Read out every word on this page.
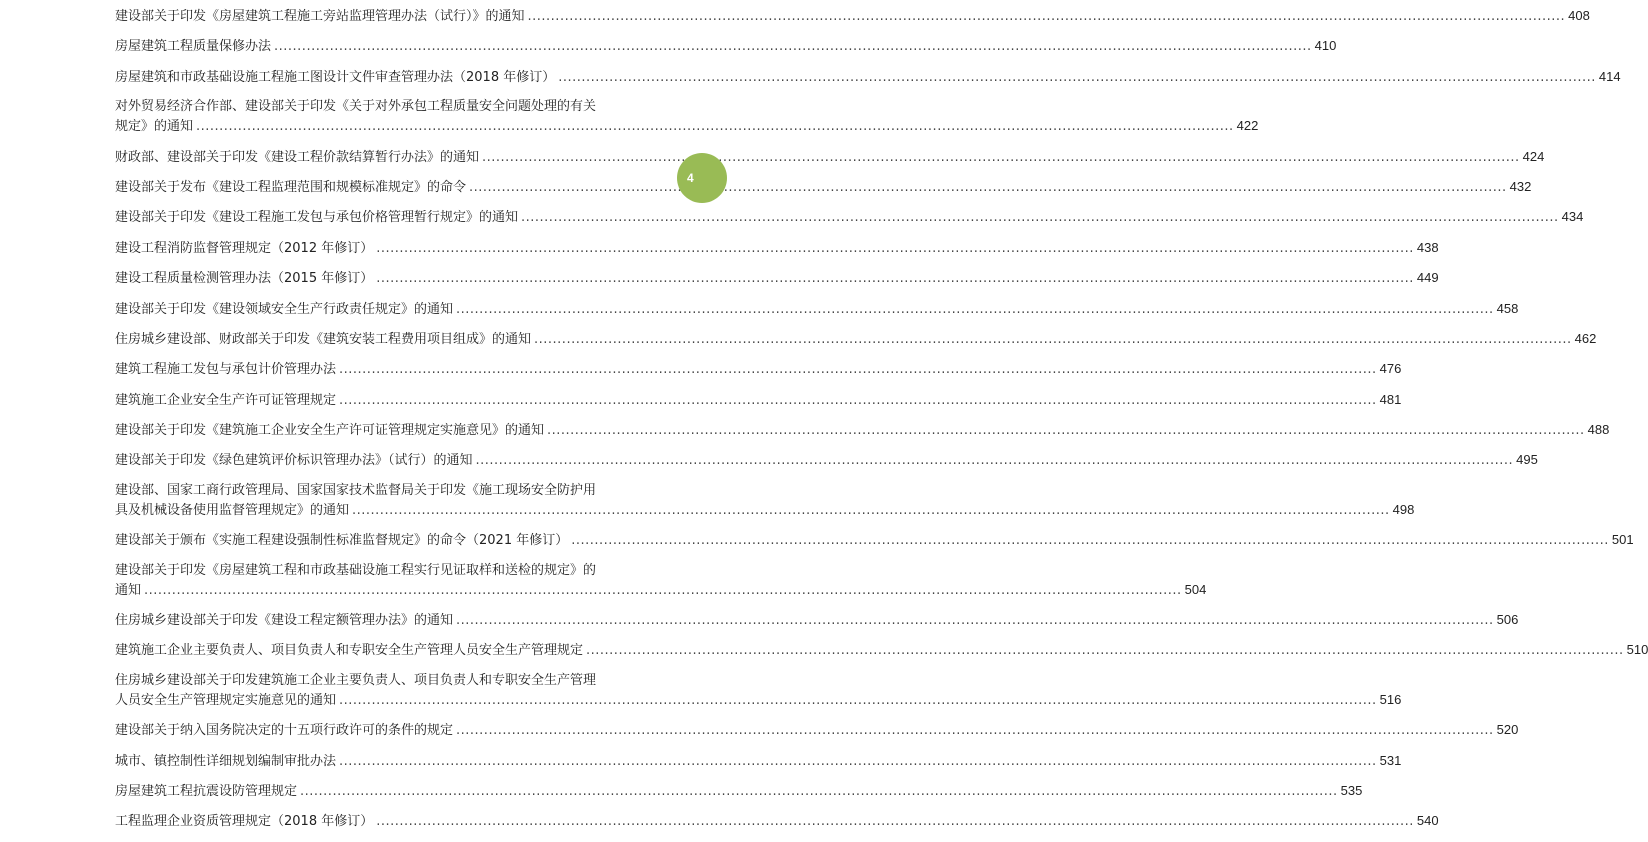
建设部关于印发《房屋建筑工程施工旁站监理管理办法（试行）》的通知 .....	408
房屋建筑工程质量保修办法 .....	410
房屋建筑和市政基础设施工程施工图设计文件审查管理办法（2018 年修订） .....	414
对外贸易经济合作部、建设部关于印发《关于对外承包工程质量安全问题处理的有关
规定》的通知 .....	422
财政部、建设部关于印发《建设工程价款结算暂行办法》的通知 .....	424
建设部关于发布《建设工程监理范围和规模标准规定》的命令 .....	432
建设部关于印发《建设工程施工发包与承包价格管理暂行规定》的通知 .....	434
建设工程消防监督管理规定（2012 年修订） .....	438
建设工程质量检测管理办法（2015 年修订） .....	449
建设部关于印发《建设领域安全生产行政责任规定》的通知 .....	458
住房城乡建设部、财政部关于印发《建筑安装工程费用项目组成》的通知 .....	462
建筑工程施工发包与承包计价管理办法 .....	476
建筑施工企业安全生产许可证管理规定 .....	481
建设部关于印发《建筑施工企业安全生产许可证管理规定实施意见》的通知 .....	488
建设部关于印发《绿色建筑评价标识管理办法》（试行）的通知 .....	495
建设部、国家工商行政管理局、国家国家技术监督局关于印发《施工现场安全防护用
具及机械设备使用监督管理规定》的通知 .....	498
建设部关于颁布《实施工程建设强制性标准监督规定》的命令（2021 年修订） .....	501
建设部关于印发《房屋建筑工程和市政基础设施工程实行见证取样和送检的规定》的
通知 .....	504
住房城乡建设部关于印发《建设工程定额管理办法》的通知 .....	506
建筑施工企业主要负责人、项目负责人和专职安全生产管理人员安全生产管理规定 .....	510
住房城乡建设部关于印发建筑施工企业主要负责人、项目负责人和专职安全生产管理
人员安全生产管理规定实施意见的通知 .....	516
建设部关于纳入国务院决定的十五项行政许可的条件的规定 .....	520
城市、镇控制性详细规划编制审批办法 .....	531
房屋建筑工程抗震设防管理规定 .....	535
工程监理企业资质管理规定（2018 年修订） .....	540
4
